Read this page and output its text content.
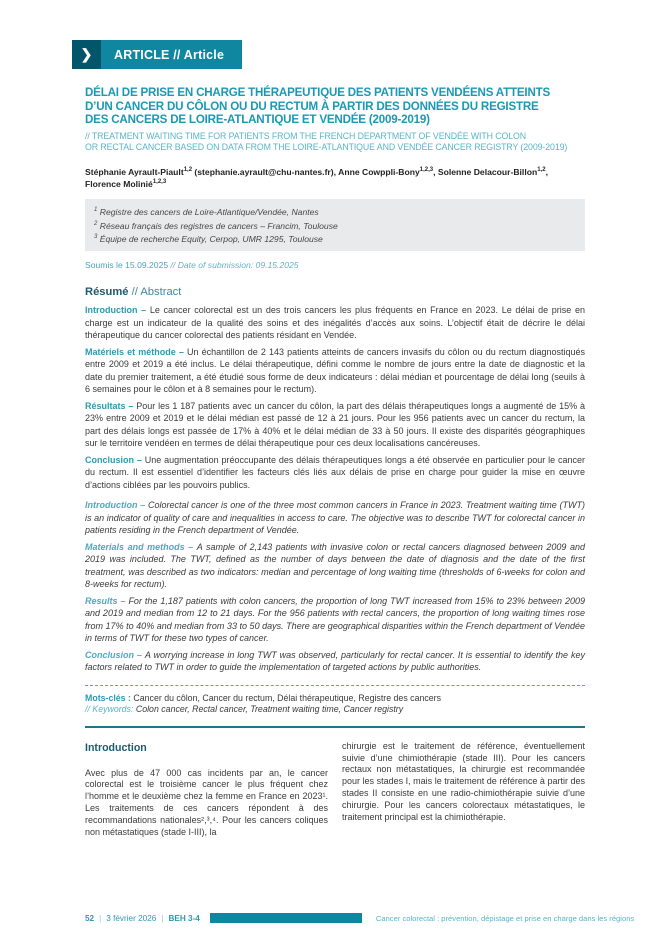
❯	ARTICLE // Article
DÉLAI DE PRISE EN CHARGE THÉRAPEUTIQUE DES PATIENTS VENDÉENS ATTEINTS
D’UN CANCER DU CÔLON OU DU RECTUM À PARTIR DES DONNÉES DU REGISTRE
DES CANCERS DE LOIRE-ATLANTIQUE ET VENDÉE (2009-2019)
// TREATMENT WAITING TIME FOR PATIENTS FROM THE FRENCH DEPARTMENT OF VENDÉE WITH COLON
OR RECTAL CANCER BASED ON DATA FROM THE LOIRE-ATLANTIQUE AND VENDÉE CANCER REGISTRY (2009-2019)
Stéphanie Ayrault-Piault$^{1,2}$ (stephanie.ayrault@chu-nantes.fr), Anne Cowppli-Bony$^{1,2,3}$, Solenne Delacour-Billon$^{1,2}$,
Florence Molinié$^{1,2,3}$
$^1$ Registre des cancers de Loire-Atlantique/Vendée, Nantes
$^2$ Réseau français des registres de cancers – Francim, Toulouse
$^3$ Équipe de recherche Equity, Cerpop, UMR 1295, Toulouse
Soumis le 15.09.2025 // Date of submission: 09.15.2025
Résumé // Abstract

Introduction – Le cancer colorectal est un des trois cancers les plus fréquents en France en 2023. Le délai de prise en charge est un indicateur de la qualité des soins et des inégalités d’accès aux soins. L’objectif était de décrire le délai thérapeutique du cancer colorectal des patients résidant en Vendée.

Matériels et méthode – Un échantillon de 2 143 patients atteints de cancers invasifs du côlon ou du rectum diagnostiqués entre 2009 et 2019 a été inclus. Le délai thérapeutique, défini comme le nombre de jours entre la date de diagnostic et la date du premier traitement, a été étudié sous forme de deux indicateurs : délai médian et pourcentage de délai long (seuils à 6 semaines pour le côlon et à 8 semaines pour le rectum).

Résultats – Pour les 1 187 patients avec un cancer du côlon, la part des délais thérapeutiques longs a augmenté de 15% à 23% entre 2009 et 2019 et le délai médian est passé de 12 à 21 jours. Pour les 956 patients avec un cancer du rectum, la part des délais longs est passée de 17% à 40% et le délai médian de 33 à 50 jours. Il existe des disparités géographiques sur le territoire vendéen en termes de délai thérapeutique pour ces deux localisations cancéreuses.

Conclusion – Une augmentation préoccupante des délais thérapeutiques longs a été observée en particulier pour le cancer du rectum. Il est essentiel d’identifier les facteurs clés liés aux délais de prise en charge pour guider la mise en œuvre d’actions ciblées par les pouvoirs publics.

Introduction – Colorectal cancer is one of the three most common cancers in France in 2023. Treatment waiting time (TWT) is an indicator of quality of care and inequalities in access to care. The objective was to describe TWT for colorectal cancer in patients residing in the French department of Vendée.

Materials and methods – A sample of 2,143 patients with invasive colon or rectal cancers diagnosed between 2009 and 2019 was included. The TWT, defined as the number of days between the date of diagnosis and the date of the first treatment, was described as two indicators: median and percentage of long waiting time (thresholds of 6-weeks for colon and 8-weeks for rectum).

Results – For the 1,187 patients with colon cancers, the proportion of long TWT increased from 15% to 23% between 2009 and 2019 and median from 12 to 21 days. For the 956 patients with rectal cancers, the proportion of long waiting times rose from 17% to 40% and median from 33 to 50 days. There are geographical disparities within the French department of Vendée in terms of TWT for these two types of cancer.

Conclusion – A worrying increase in long TWT was observed, particularly for rectal cancer. It is essential to identify the key factors related to TWT in order to guide the implementation of targeted actions by public authorities.

Mots-clés : Cancer du côlon, Cancer du rectum, Délai thérapeutique, Registre des cancers
// Keywords: Colon cancer, Rectal cancer, Treatment waiting time, Cancer registry
Introduction
Avec plus de 47 000 cas incidents par an, le cancer colorectal est le troisième cancer le plus fréquent chez l’homme et le deuxième chez la femme en France en 2023¹. Les traitements de ces cancers répondent à des recommandations nationales²,³,⁴. Pour les cancers coliques non métastatiques (stade I-III), la
chirurgie est le traitement de référence, éventuellement suivie d’une chimiothérapie (stade III). Pour les cancers rectaux non métastatiques, la chirurgie est recommandée pour les stades I, mais le traitement de référence à partir des stades II consiste en une radio-chimiothérapie suivie d’une chirurgie. Pour les cancers colorectaux métastatiques, le traitement principal est la chimiothérapie.
52 | 3 février 2026 | BEH 3-4	Cancer colorectal : prévention, dépistage et prise en charge dans les régions
